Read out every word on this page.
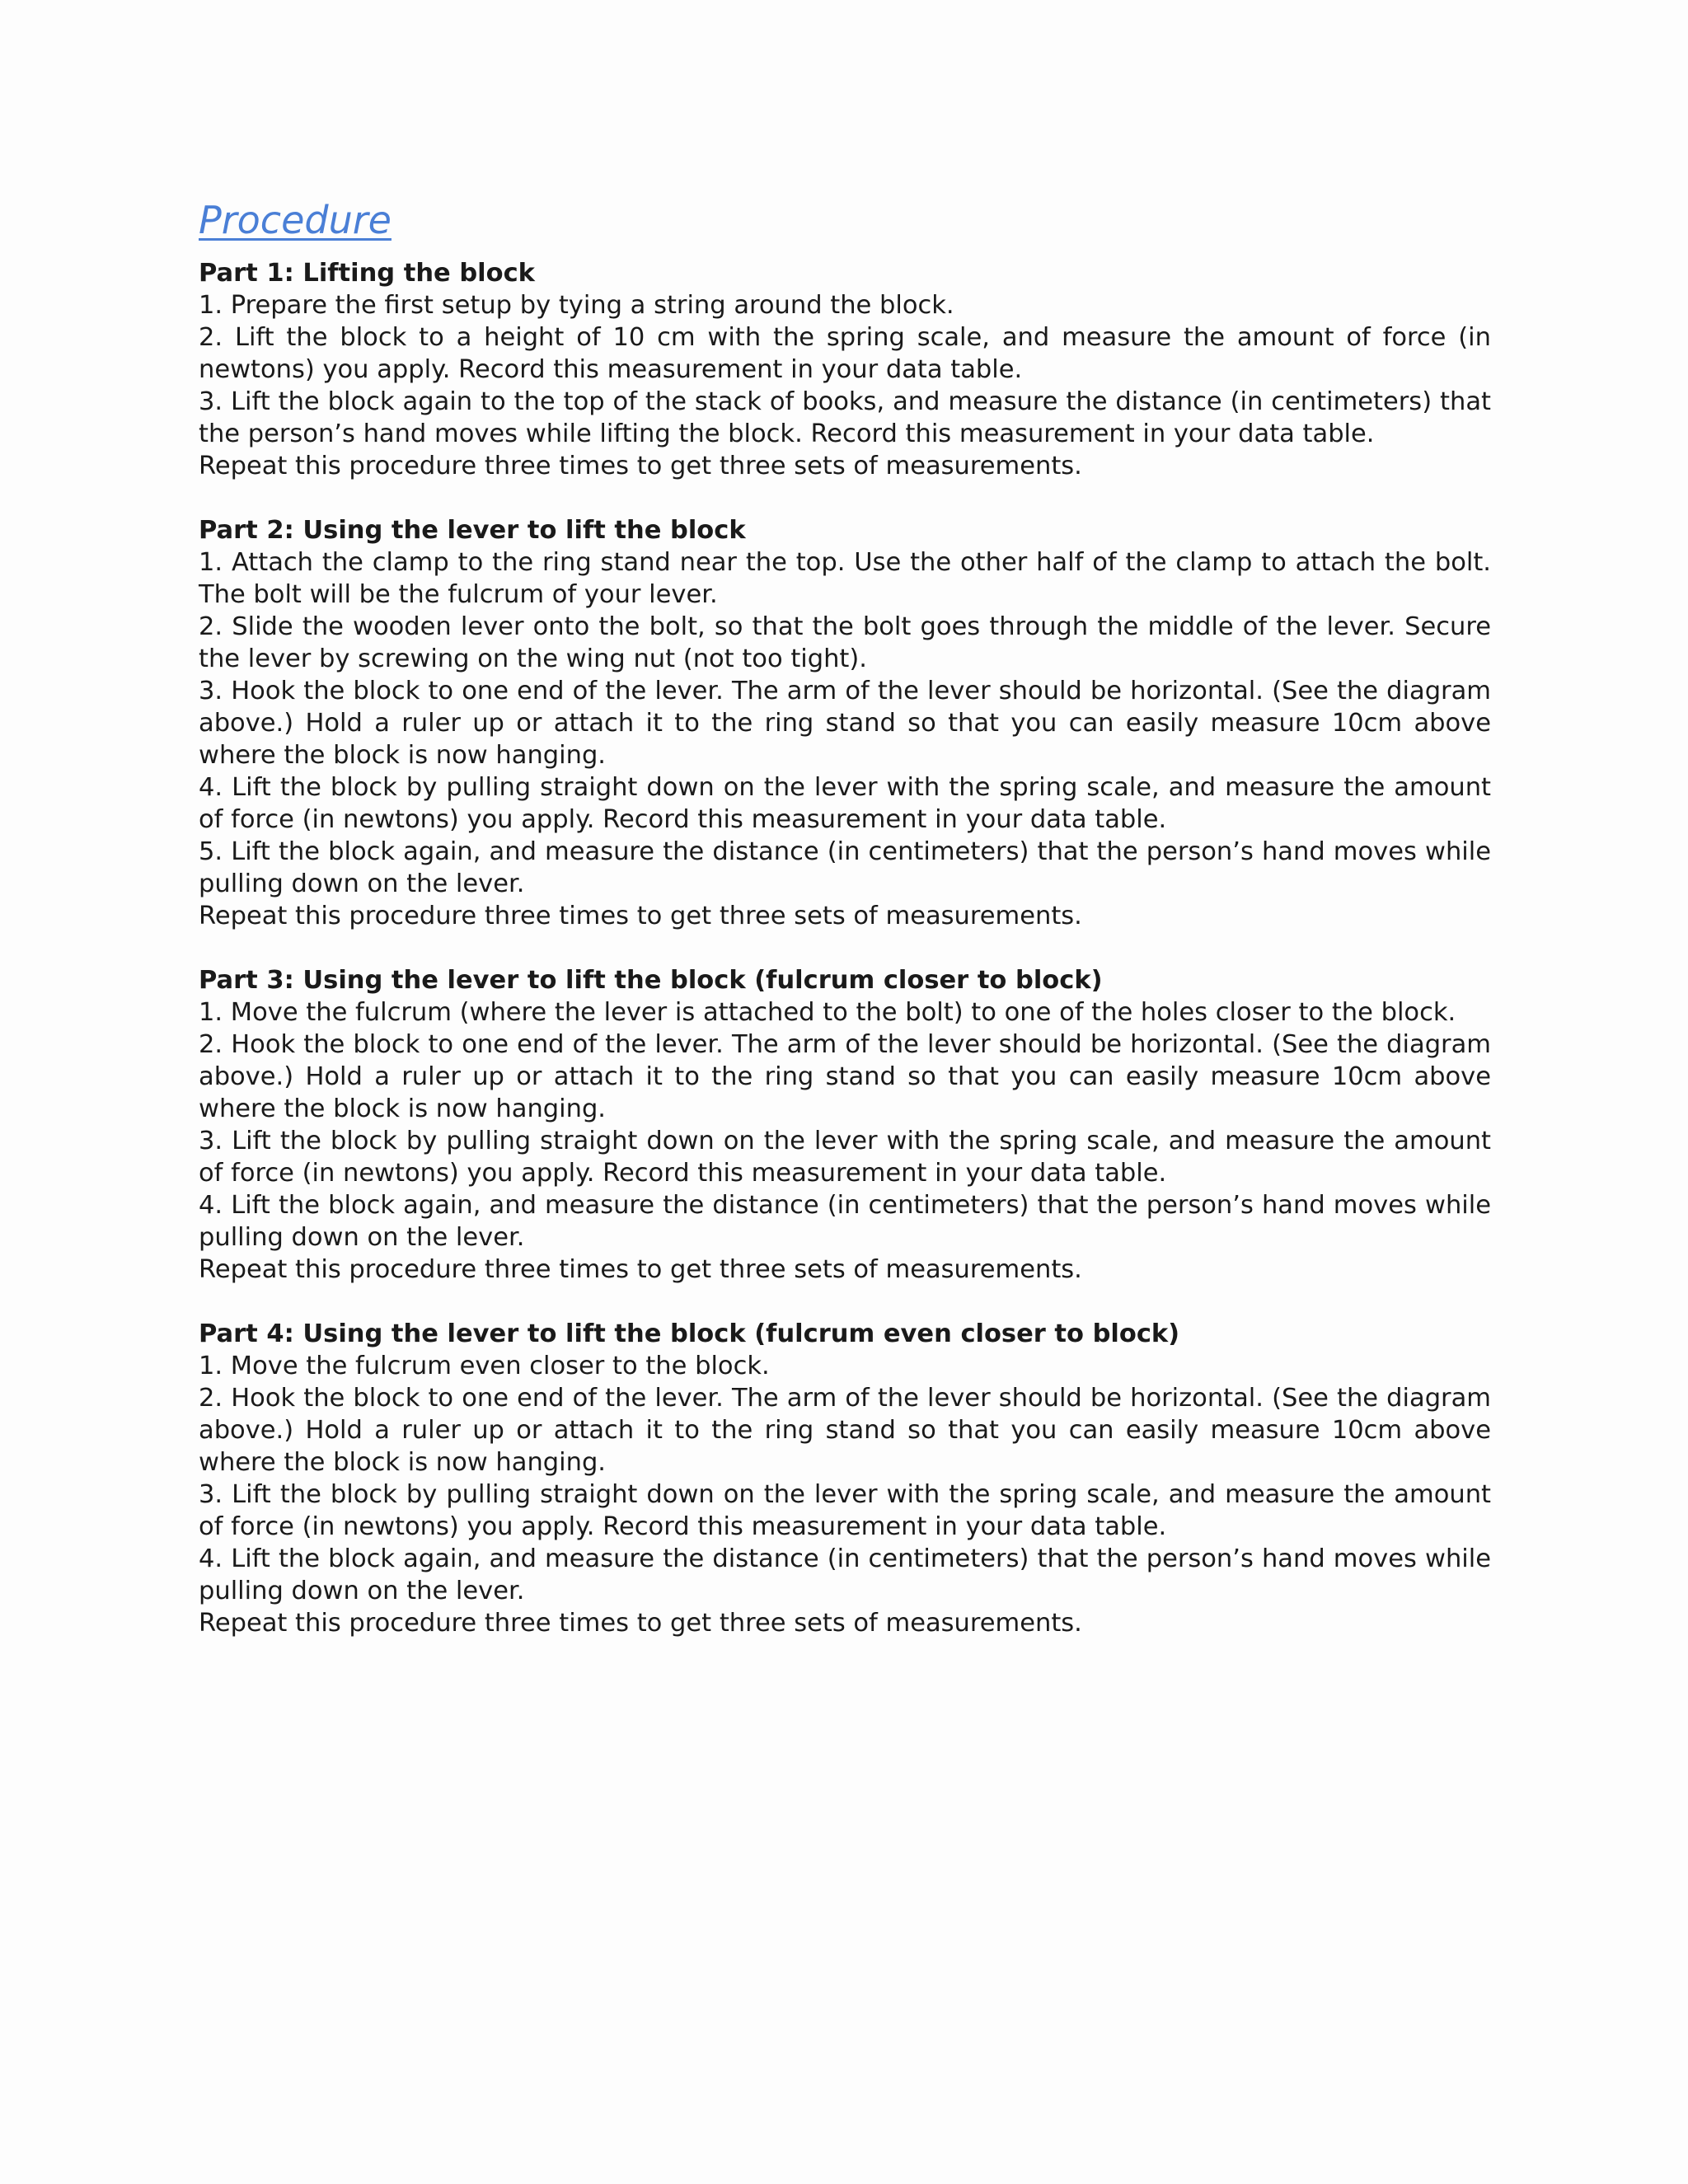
Procedure

Part 1: Lifting the block

1. Prepare the first setup by tying a string around the block.

2. Lift the block to a height of 10 cm with the spring scale, and measure the amount of force (in newtons) you apply. Record this measurement in your data table.

3. Lift the block again to the top of the stack of books, and measure the distance (in centimeters) that the person’s hand moves while lifting the block. Record this measurement in your data table.

Repeat this procedure three times to get three sets of measurements.

Part 2: Using the lever to lift the block

1. Attach the clamp to the ring stand near the top. Use the other half of the clamp to attach the bolt. The bolt will be the fulcrum of your lever.

2. Slide the wooden lever onto the bolt, so that the bolt goes through the middle of the lever. Secure the lever by screwing on the wing nut (not too tight).

3. Hook the block to one end of the lever. The arm of the lever should be horizontal. (See the diagram above.) Hold a ruler up or attach it to the ring stand so that you can easily measure 10cm above where the block is now hanging.

4. Lift the block by pulling straight down on the lever with the spring scale, and measure the amount of force (in newtons) you apply. Record this measurement in your data table.

5. Lift the block again, and measure the distance (in centimeters) that the person’s hand moves while pulling down on the lever.

Repeat this procedure three times to get three sets of measurements.

Part 3: Using the lever to lift the block (fulcrum closer to block)

1. Move the fulcrum (where the lever is attached to the bolt) to one of the holes closer to the block.

2. Hook the block to one end of the lever. The arm of the lever should be horizontal. (See the diagram above.) Hold a ruler up or attach it to the ring stand so that you can easily measure 10cm above where the block is now hanging.

3. Lift the block by pulling straight down on the lever with the spring scale, and measure the amount of force (in newtons) you apply. Record this measurement in your data table.

4. Lift the block again, and measure the distance (in centimeters) that the person’s hand moves while pulling down on the lever.

Repeat this procedure three times to get three sets of measurements.

Part 4: Using the lever to lift the block (fulcrum even closer to block)

1. Move the fulcrum even closer to the block.

2. Hook the block to one end of the lever. The arm of the lever should be horizontal. (See the diagram above.) Hold a ruler up or attach it to the ring stand so that you can easily measure 10cm above where the block is now hanging.

3. Lift the block by pulling straight down on the lever with the spring scale, and measure the amount of force (in newtons) you apply. Record this measurement in your data table.

4. Lift the block again, and measure the distance (in centimeters) that the person’s hand moves while pulling down on the lever.

Repeat this procedure three times to get three sets of measurements.
